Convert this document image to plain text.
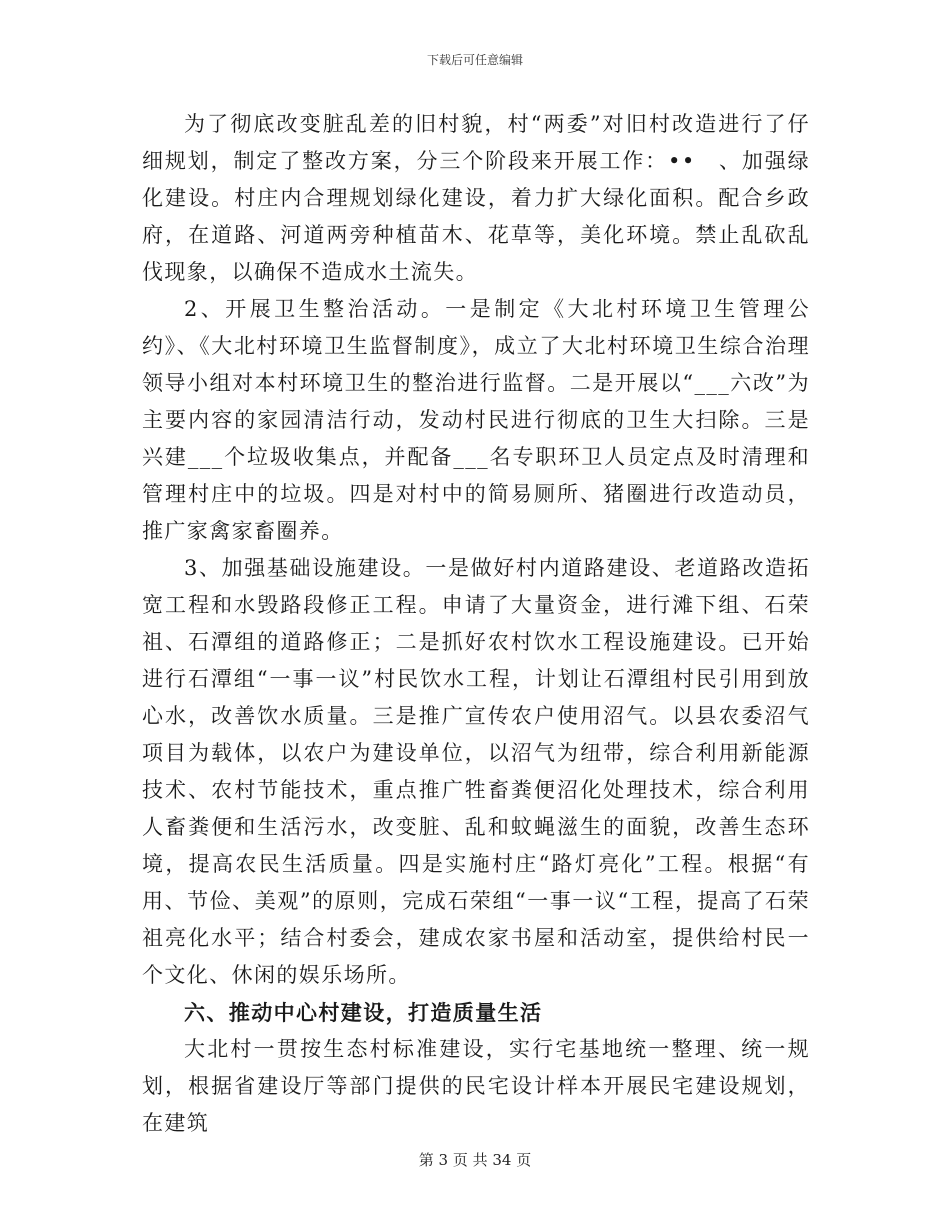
下载后可任意编辑

为了彻底改变脏乱差的旧村貌，村“两委”对旧村改造进行了仔细规划，制定了整改方案，分三个阶段来开展工作：••　、加强绿化建设。村庄内合理规划绿化建设，着力扩大绿化面积。配合乡政府，在道路、河道两旁种植苗木、花草等，美化环境。禁止乱砍乱伐现象，以确保不造成水土流失。

2、开展卫生整治活动。一是制定《大北村环境卫生管理公约》、《大北村环境卫生监督制度》，成立了大北村环境卫生综合治理领导小组对本村环境卫生的整治进行监督。二是开展以“___六改”为主要内容的家园清洁行动，发动村民进行彻底的卫生大扫除。三是兴建___个垃圾收集点，并配备___名专职环卫人员定点及时清理和管理村庄中的垃圾。四是对村中的简易厕所、猪圈进行改造动员，推广家禽家畜圈养。

3、加强基础设施建设。一是做好村内道路建设、老道路改造拓宽工程和水毁路段修正工程。申请了大量资金，进行滩下组、石荣祖、石潭组的道路修正；二是抓好农村饮水工程设施建设。已开始进行石潭组“一事一议”村民饮水工程，计划让石潭组村民引用到放心水，改善饮水质量。三是推广宣传农户使用沼气。以县农委沼气项目为载体，以农户为建设单位，以沼气为纽带，综合利用新能源技术、农村节能技术，重点推广牲畜粪便沼化处理技术，综合利用人畜粪便和生活污水，改变脏、乱和蚊蝇滋生的面貌，改善生态环境，提高农民生活质量。四是实施村庄“路灯亮化”工程。根据“有用、节俭、美观”的原则，完成石荣组“一事一议“工程，提高了石荣祖亮化水平；结合村委会，建成农家书屋和活动室，提供给村民一个文化、休闲的娱乐场所。

六、推动中心村建设，打造质量生活

大北村一贯按生态村标准建设，实行宅基地统一整理、统一规划，根据省建设厅等部门提供的民宅设计样本开展民宅建设规划，在建筑

第 3 页 共 34 页
